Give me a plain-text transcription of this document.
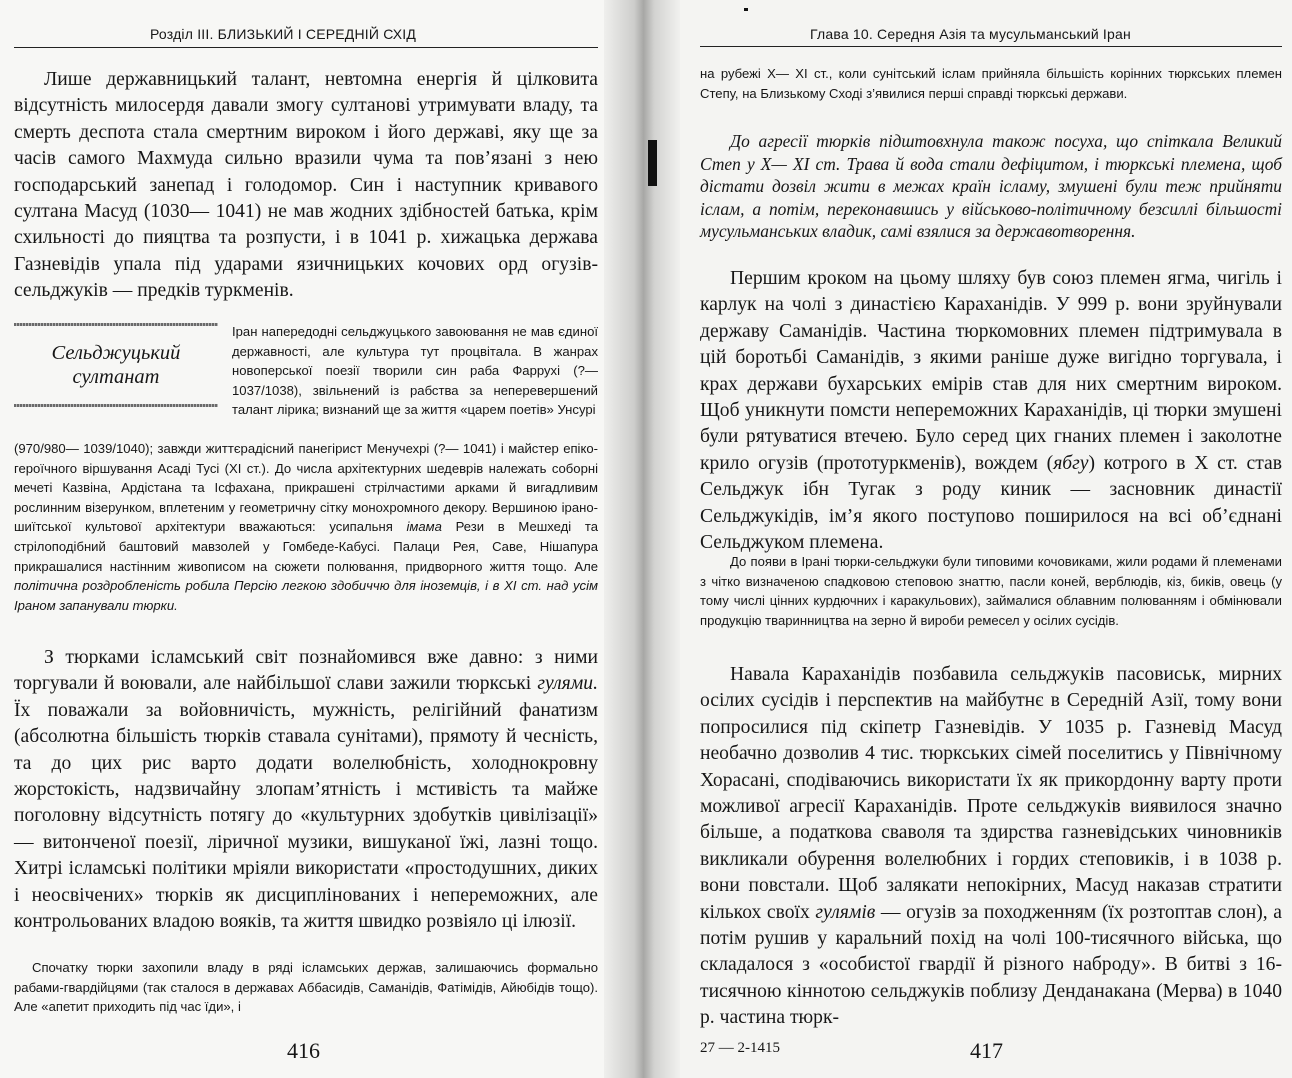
Розділ III. БЛИЗЬКИЙ І СЕРЕДНІЙ СХІД

Лише державницький талант, невтомна енергія й цілковита відсутність милосердя давали змогу султанові утримувати владу, та смерть деспота стала смертним вироком і його державі, яку ще за часів самого Махмуда сильно вразили чума та пов’язані з нею господарський занепад і голодомор. Син і наступник кривавого султана Масуд (1030— 1041) не мав жодних здібностей батька, крім схильності до пияцтва та розпусти, і в 1041 р. хижацька держава Газневідів упала під ударами язичницьких кочових орд огузів-сельджуків — предків туркменів.

Сельджуцький султанат

Іран напередодні сельджуцького завоювання не мав єдиної державності, але культура тут процвітала. В жанрах новоперської поезії творили син раба Фаррухі (?— 1037/1038), звільнений із рабства за неперевершений талант лірика; визнаний ще за життя «царем поетів» Унсурі

(970/980— 1039/1040); завжди життєрадісний панегірист Менучехрі (?— 1041) і майстер епіко-героїчного віршування Асаді Тусі (XI ст.). До числа архітектурних шедеврів належать соборні мечеті Казвіна, Ардістана та Ісфахана, прикрашені стрілчастими арками й вигадливим рослинним візерунком, вплетеним у геометричну сітку монохромного декору. Вершиною ірано-шиїтської культової архітектури вважаються: усипальня імама Рези в Мешхеді та стрілоподібний баштовий мавзолей у Гомбеде-Кабусі. Палаци Рея, Саве, Нішапура прикрашалися настінним живописом на сюжети полювання, придворного життя тощо. Але політична роздробленість робила Персію легкою здобиччю для іноземців, і в XI ст. над усім Іраном запанували тюрки.

З тюрками ісламський світ познайомився вже давно: з ними торгували й воювали, але найбільшої слави зажили тюркські гулями. Їх поважали за войовничість, мужність, релігійний фанатизм (абсолютна більшість тюрків ставала сунітами), прямоту й чесність, та до цих рис варто додати волелюбність, холоднокровну жорстокість, надзвичайну злопам’ятність і мстивість та майже поголовну відсутність потягу до «культурних здобутків цивілізації» — витонченої поезії, ліричної музики, вишуканої їжі, лазні тощо. Хитрі ісламські політики мріяли використати «простодушних, диких і неосвічених» тюрків як дисциплінованих і непереможних, але контрольованих владою вояків, та життя швидко розвіяло ці ілюзії.

Спочатку тюрки захопили владу в ряді ісламських держав, залишаючись формально рабами-гвардійцями (так сталося в державах Аббасидів, Саманідів, Фатімідів, Айюбідів тощо). Але «апетит приходить під час їди», і

416
Глава 10. Середня Азія та мусульманський Іран

на рубежі X— XI ст., коли сунітський іслам прийняла більшість корінних тюркських племен Степу, на Близькому Сході з’явилися перші справді тюркські держави.

До агресії тюрків підштовхнула також посуха, що спіткала Великий Степ у X— XI ст. Трава й вода стали дефіцитом, і тюркські племена, щоб дістати дозвіл жити в межах країн ісламу, змушені були теж прийняти іслам, а потім, переконавшись у військово-політичному безсиллі більшості мусульманських владик, самі взялися за державотворення.

Першим кроком на цьому шляху був союз племен ягма, чигіль і карлук на чолі з династією Караханідів. У 999 р. вони зруйнували державу Саманідів. Частина тюркомовних племен підтримувала в цій боротьбі Саманідів, з якими раніше дуже вигідно торгувала, і крах держави бухарських емірів став для них смертним вироком. Щоб уникнути помсти непереможних Караханідів, ці тюрки змушені були рятуватися втечею. Було серед цих гнаних племен і заколотне крило огузів (прототуркменів), вождем (ябгу) котрого в X ст. став Сельджук ібн Тугак з роду киник — засновник династії Сельджукідів, ім’я якого поступово поширилося на всі об’єднані Сельджуком племена.

До появи в Ірані тюрки-сельджуки були типовими кочовиками, жили родами й племенами з чітко визначеною спадковою степовою знаттю, пасли коней, верблюдів, кіз, биків, овець (у тому числі цінних курдючних і каракульових), займалися облавним полюванням і обмінювали продукцію тваринництва на зерно й вироби ремесел у осілих сусідів.

Навала Караханідів позбавила сельджуків пасовиськ, мирних осілих сусідів і перспектив на майбутнє в Середній Азії, тому вони попросилися під скіпетр Газневідів. У 1035 р. Газневід Масуд необачно дозволив 4 тис. тюркських сімей поселитись у Північному Хорасані, сподіваючись використати їх як прикордонну варту проти можливої агресії Караханідів. Проте сельджуків виявилося значно більше, а податкова сваволя та здирства газневідських чиновників викликали обурення волелюбних і гордих степовиків, і в 1038 р. вони повстали. Щоб залякати непокірних, Масуд наказав стратити кількох своїх гулямів — огузів за походженням (їх розтоптав слон), а потім рушив у каральний похід на чолі 100-тисячного війська, що складалося з «особистої гвардії й різного наброду». В битві з 16-тисячною кіннотою сельджуків поблизу Денданакана (Мерва) в 1040 р. частина тюрк-

27 — 2-1415	417
